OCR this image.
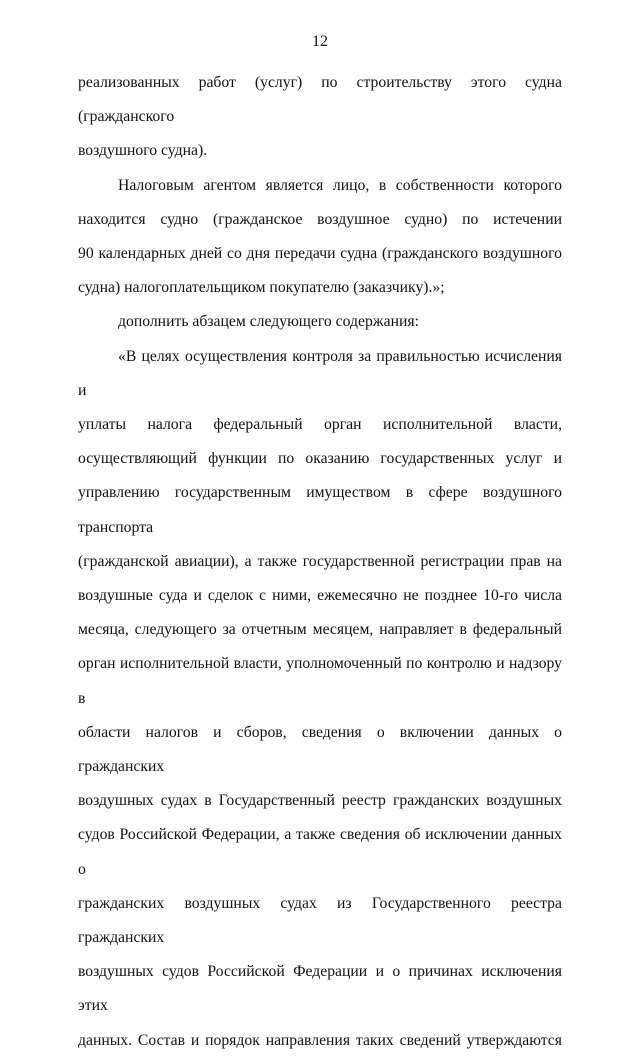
12

реализованных работ (услуг) по строительству этого судна (гражданского

воздушного судна).

Налоговым агентом является лицо, в собственности которого

находится судно (гражданское воздушное судно) по истечении

90 календарных дней со дня передачи судна (гражданского воздушного

судна) налогоплательщиком покупателю (заказчику).»;

дополнить абзацем следующего содержания:

«В целях осуществления контроля за правильностью исчисления и

уплаты налога федеральный орган исполнительной власти,

осуществляющий функции по оказанию государственных услуг и

управлению государственным имуществом в сфере воздушного транспорта

(гражданской авиации), а также государственной регистрации прав на

воздушные суда и сделок с ними, ежемесячно не позднее 10-го числа

месяца, следующего за отчетным месяцем, направляет в федеральный

орган исполнительной власти, уполномоченный по контролю и надзору в

области налогов и сборов, сведения о включении данных о гражданских

воздушных судах в Государственный реестр гражданских воздушных

судов Российской Федерации, а также сведения об исключении данных о

гражданских воздушных судах из Государственного реестра гражданских

воздушных судов Российской Федерации и о причинах исключения этих

данных. Состав и порядок направления таких сведений утверждаются
